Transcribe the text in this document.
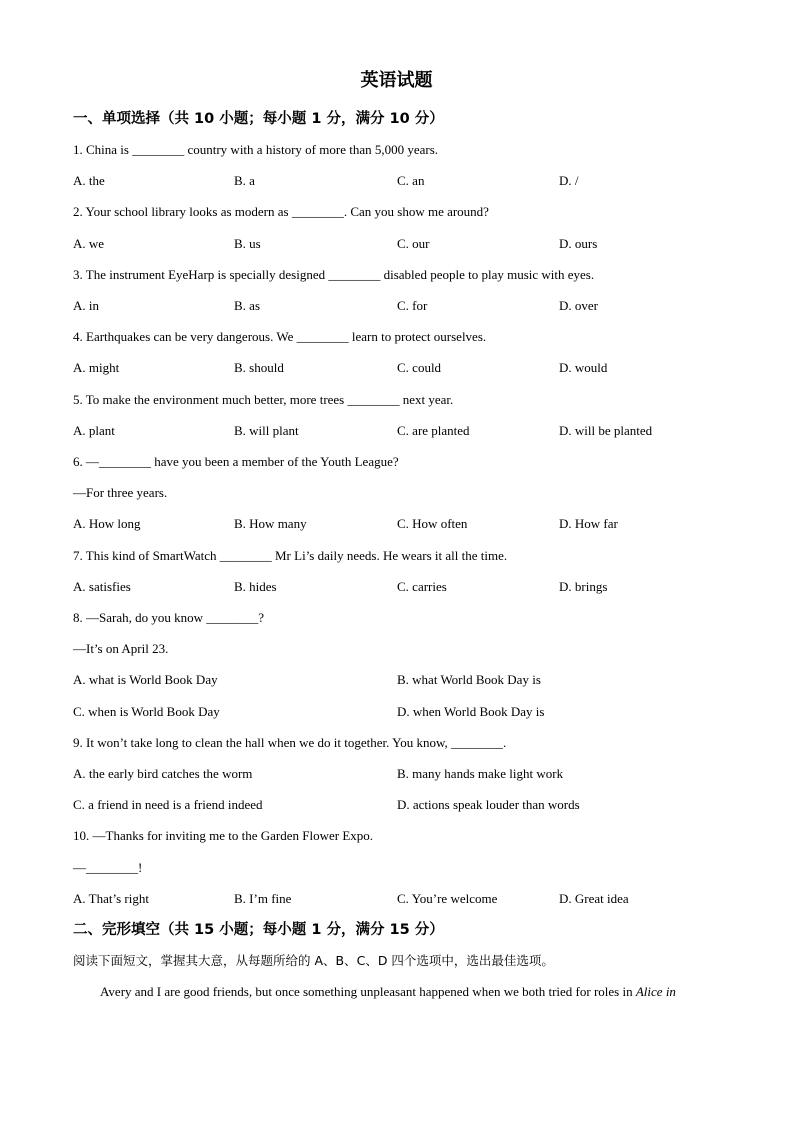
英语试题
一、单项选择（共 10 小题；每小题 1 分，满分 10 分）
1. China is ________ country with a history of more than 5,000 years.
A. the	B. a	C. an	D. /
2. Your school library looks as modern as ________. Can you show me around?
A. we	B. us	C. our	D. ours
3. The instrument EyeHarp is specially designed ________ disabled people to play music with eyes.
A. in	B. as	C. for	D. over
4. Earthquakes can be very dangerous. We ________ learn to protect ourselves.
A. might	B. should	C. could	D. would
5. To make the environment much better, more trees ________ next year.
A. plant	B. will plant	C. are planted	D. will be planted
6. —________ have you been a member of the Youth League?
—For three years.
A. How long	B. How many	C. How often	D. How far
7. This kind of SmartWatch ________ Mr Li’s daily needs. He wears it all the time.
A. satisfies	B. hides	C. carries	D. brings
8. —Sarah, do you know ________?
—It’s on April 23.
A. what is World Book Day	B. what World Book Day is
C. when is World Book Day	D. when World Book Day is
9. It won’t take long to clean the hall when we do it together. You know, ________.
A. the early bird catches the worm	B. many hands make light work
C. a friend in need is a friend indeed	D. actions speak louder than words
10. —Thanks for inviting me to the Garden Flower Expo.
—________!
A. That’s right	B. I’m fine	C. You’re welcome	D. Great idea
二、完形填空（共 15 小题；每小题 1 分，满分 15 分）
阅读下面短文，掌握其大意，从每题所给的 A、B、C、D 四个选项中，选出最佳选项。
Avery and I are good friends, but once something unpleasant happened when we both tried for roles in Alice in
